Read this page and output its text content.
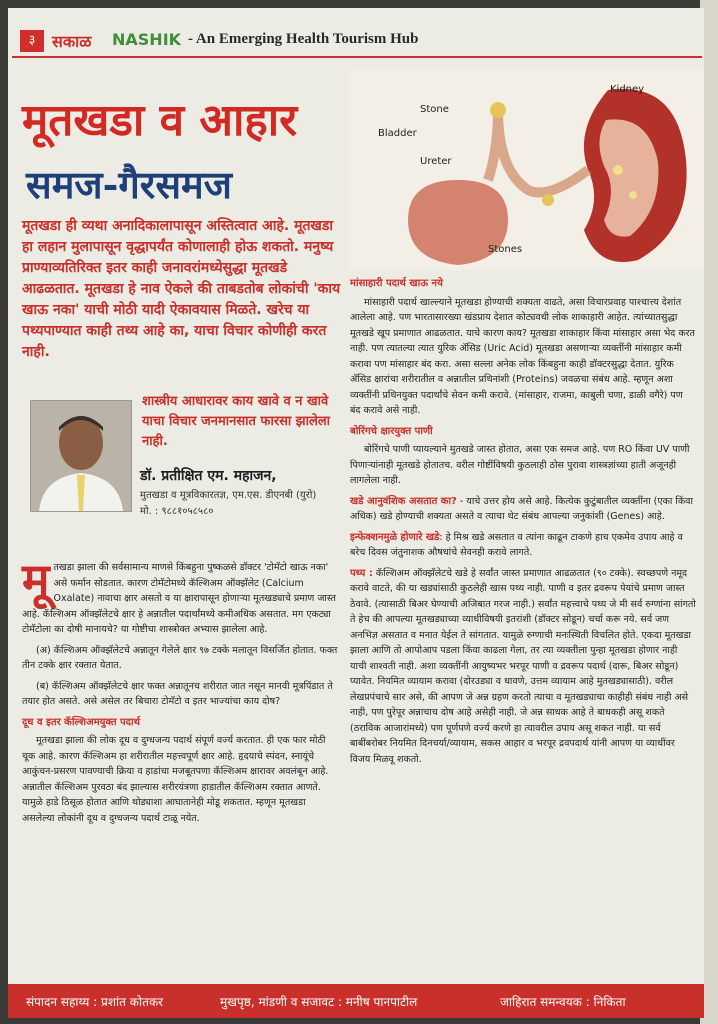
३	सकाळ NASHIK - An Emerging Health Tourism Hub
मूतखडा व आहार
समज-गैरसमज
मूतखडा ही व्यथा अनादिकालापासून अस्तित्वात आहे. मूतखडा हा लहान मुलापासून वृद्धापर्यंत कोणालाही होऊ शकतो. मनुष्य प्राण्याव्यतिरिक्त इतर काही जनावरांमध्येसुद्धा मूतखडे आढळतात. मूतखडा हे नाव ऐकले की ताबडतोब लोकांची 'काय खाऊ नका' याची मोठी यादी ऐकावयास मिळते. खरेच या पथ्यपाण्यात काही तथ्य आहे का, याचा विचार कोणीही करत नाही.
शास्त्रीय आधारावर काय खावे व न खावे याचा विचार जनमानसात फारसा झालेला नाही.
डॉ. प्रतीक्षित एम. महाजन,
मुतखडा व मूत्रविकारतज्ञ, एम.एस. डीएनबी (युरो)
मो. : ९८८१०५८५८०
Stone
Bladder
Ureter
Kidney
Stones

मूतखडा झाला की सर्वसामान्य माणसे किंबहुना पुष्कळसे डॉक्टर 'टोमॅटो खाऊ नका' असे फर्मान सोडतात. कारण टोमॅटोमध्ये कॅल्शिअम ऑक्झॅलेट (Calcium Oxalate) नावाचा क्षार असतो व या क्षारापासून होणाऱ्या मूतखड्याचे प्रमाण जास्त आहे. कॅल्शिअम ऑक्झॅलेटचे क्षार हे अन्नातील पदार्थांमध्ये कमीअधिक असतात. मग एकट्या टोमॅटोला का दोषी मानायचे? या गोष्टीचा शास्त्रोक्त अभ्यास झालेला आहे.

(अ) कॅल्शिअम ऑक्झॅलेटचे अन्नातून गेलेले क्षार ९७ टक्के मलातून विसर्जित होतात. फक्त तीन टक्के क्षार रक्तात येतात.

(ब) कॅल्शिअम ऑक्झॅलेटचे क्षार फक्त अन्नातूनच शरीरात जात नसून मानवी मूत्रपिंडात ते तयार होत असते. असे असेल तर बिचारा टोमॅटो व इतर भाज्यांचा काय दोष?

दूध व इतर कॅल्शिअमयुक्त पदार्थ

मूतखडा झाला की लोक दूध व दुग्धजन्य पदार्थ संपूर्ण वर्ज्य करतात. ही एक फार मोठी चूक आहे. कारण कॅल्शिअम हा शरीरातील महत्त्वपूर्ण क्षार आहे. हृदयाचे स्पंदन, स्नायूंचे आकुंचन-प्रसरण पावण्याची क्रिया व हाडांचा मजबूतपणा कॅल्शिअम क्षारावर अवलंबून आहे. अन्नातील कॅल्शिअम पुरवठा बंद झाल्यास शरीरयंत्रणा हाडातील कॅल्शिअम रक्तात आणते. यामुळे हाडे ठिसूळ होतात आणि थोड्याशा आघातानेही मोडू शकतात. म्हणून मूतखडा असलेल्या लोकांनी दूध व दुग्धजन्य पदार्थ टाळू नयेत.

मांसाहारी पदार्थ खाऊ नये

मांसाहारी पदार्थ खाल्ल्याने मूतखडा होण्याची शक्यता वाढते, असा विचारप्रवाह पाश्चात्त्य देशांत आलेला आहे. पण भारतासारख्या खंडप्राय देशात कोट्यवधी लोक शाकाहारी आहेत. त्यांच्यातसुद्धा मूतखडे खूप प्रमाणात आढळतात. याचे कारण काय? मूतखडा शाकाहार किंवा मांसाहार असा भेद करत नाही. पण त्यातल्या त्यात युरिक ॲसिड (Uric Acid) मूतखडा असणाऱ्या व्यक्तींनी मांसाहार कमी करावा पण मांसाहार बंद करा. असा सल्ला अनेक लोक किंबहुना काही डॉक्टरसुद्धा देतात. युरिक ॲसिड क्षारांचा शरीरातील व अन्नातील प्रथिनांशी (Proteins) जवळचा संबंध आहे. म्हणून अशा व्यक्तींनी प्रथिनयुक्त पदार्थांचे सेवन कमी करावे. (मांसाहार, राजमा, काबुली चणा, डाळी वगैरे) पण बंद करावे असे नाही.

बोरिंगचे क्षारयुक्त पाणी

बोरिंगचे पाणी प्यायल्याने मुतखडे जास्त होतात, असा एक समज आहे. पण RO किंवा UV पाणी पिणाऱ्यांनाही मूतखडे होतातच. वरील गोष्टींविषयी कुठलाही ठोस पुरावा शास्त्रज्ञांच्या हाती अजूनही लागलेला नाही.

खडे आनुवंशिक असतात का? - याचे उत्तर होय असे आहे. कित्येक कुटुंबातील व्यक्तींना (एका किंवा अधिक) खडे होण्याची शक्यता असते व त्याचा थेट संबंध आपल्या जनुकांशी (Genes) आहे.

इन्फेक्शनमुळे होणारे खडे: हे मिश्र खडे असतात व त्यांना काढून टाकणे हाच एकमेव उपाय आहे व बरेच दिवस जंतुनाशक औषधांचे सेवनही करावे लागते.

पथ्य : कॅल्शिअम ऑक्झॅलेटचे खडे हे सर्वांत जास्त प्रमाणात आढळतात (९० टक्के). स्वच्छपणे नमूद करावे वाटते, की या खड्यांसाठी कुठलेही खास पथ्य नाही. पाणी व इतर द्रवरूप पेयांचे प्रमाण जास्त ठेवावे. (त्यासाठी बिअर घेण्याची अजिबात गरज नाही.) सर्वांत महत्त्वाचे पथ्य जे मी सर्व रुग्णांना सांगतो ते हेच की आपल्या मूतखड्याच्या व्याधीविषयी इतरांशी (डॉक्टर सोडून) चर्चा करू नये. सर्व जण अनभिज्ञ असतात व मनात येईल ते सांगतात. यामुळे रुग्णाची मनःस्थिती विचलित होते. एकदा मूतखडा झाला आणि तो आपोआप पडला किंवा काढला गेला, तर त्या व्यक्तीला पुन्हा मूतखडा होणार नाही याची शाश्वती नाही. अशा व्यक्तींनी आयुष्यभर भरपूर पाणी व द्रवरूप पदार्थ (दारू, बिअर सोडून) प्यावेत. नियमित व्यायाम करावा (दोरउड्या व धावणे, उत्तम व्यायाम आहे मुतखड्यासाठी). वरील लेखप्रपंचाचे सार असे, की आपण जे अन्न ग्रहण करतो त्याचा व मूतखड्याचा काहीही संबंध नाही असे नाही, पण पुरेपूर अन्नाचाच दोष आहे असेही नाही. जे अन्न साधक आहे ते बाधकही असू शकते (ठराविक आजारांमध्ये) पण पूर्णपणे वर्ज्य करणे हा त्यावरील उपाय असू शकत नाही. या सर्व बाबींबरोबर नियमित दिनचर्या/व्यायाम, सकस आहार व भरपूर द्रवपदार्थ यांनी आपण या व्याधींवर विजय मिळवू शकतो.

संपादन सहाय्य : प्रशांत कोतकर	मुखपृष्ठ, मांडणी व सजावट : मनीष पानपाटील	जाहिरात समन्वयक : निकिता
